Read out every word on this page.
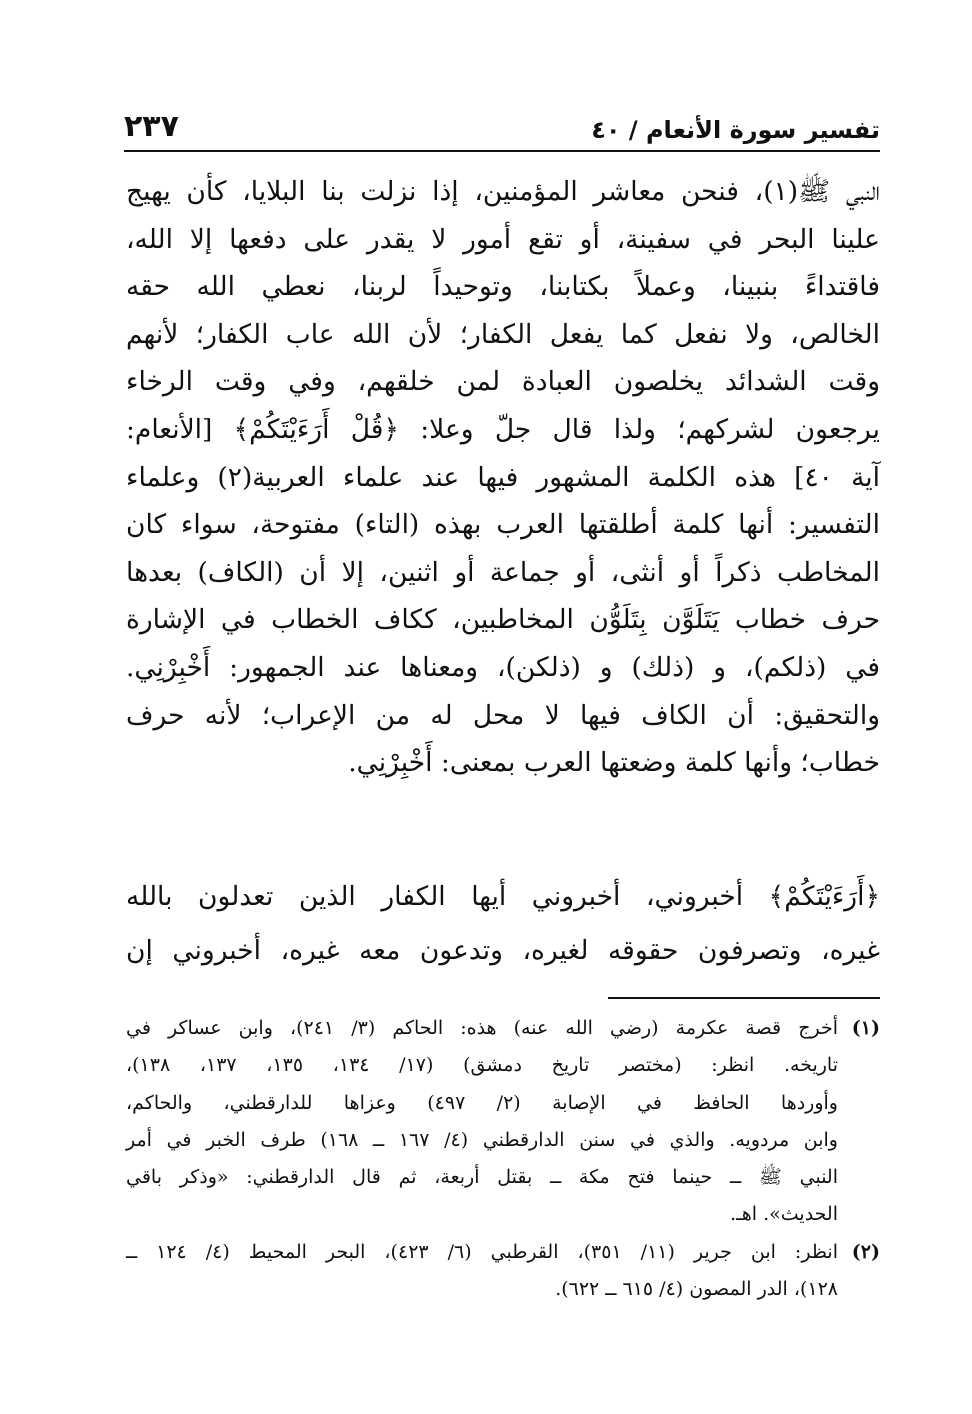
تفسير سورة الأنعام / ٤٠
٢٣٧
النبي ﷺ(١)، فنحن معاشر المؤمنين، إذا نزلت بنا البلايا، كأن يهيج
علينا البحر في سفينة، أو تقع أمور لا يقدر على دفعها إلا الله،
فاقتداءً بنبينا، وعملاً بكتابنا، وتوحيداً لربنا، نعطي الله حقه
الخالص، ولا نفعل كما يفعل الكفار؛ لأن الله عاب الكفار؛ لأنهم
وقت الشدائد يخلصون العبادة لمن خلقهم، وفي وقت الرخاء
يرجعون لشركهم؛ ولذا قال جلّ وعلا: ﴿قُلْ أَرَءَيْتَكُمْ﴾ [الأنعام:
آية ٤٠] هذه الكلمة المشهور فيها عند علماء العربية(٢) وعلماء
التفسير: أنها كلمة أطلقتها العرب بهذه (التاء) مفتوحة، سواء كان
المخاطب ذكراً أو أنثى، أو جماعة أو اثنين، إلا أن (الكاف) بعدها
حرف خطاب يَتَلَوَّن بِتَلَوُّن المخاطبين، ككاف الخطاب في الإشارة
في (ذلكم)، و (ذلك) و (ذلكن)، ومعناها عند الجمهور: أَخْبِرْنِي.
والتحقيق: أن الكاف فيها لا محل له من الإعراب؛ لأنه حرف
خطاب؛ وأنها كلمة وضعتها العرب بمعنى: أَخْبِرْنِي.
﴿أَرَءَيْتَكُمْ﴾ أخبروني، أخبروني أيها الكفار الذين تعدلون بالله
غيره، وتصرفون حقوقه لغيره، وتدعون معه غيره، أخبروني إن
(١)
أخرج قصة عكرمة (رضي الله عنه) هذه: الحاكم (٣/ ٢٤١)، وابن عساكر في
تاريخه. انظر: (مختصر تاريخ دمشق) (١٧/ ١٣٤، ١٣٥، ١٣٧، ١٣٨)،
وأوردها الحافظ في الإصابة (٢/ ٤٩٧) وعزاها للدارقطني، والحاكم،
وابن مردويه. والذي في سنن الدارقطني (٤/ ١٦٧ ــ ١٦٨) طرف الخبر في أمر
النبي ﷺ ــ حينما فتح مكة ــ بقتل أربعة، ثم قال الدارقطني: «وذكر باقي
الحديث». اهـ.
(٢)
انظر: ابن جرير (١١/ ٣٥١)، القرطبي (٦/ ٤٢٣)، البحر المحيط (٤/ ١٢٤ ــ
١٢٨)، الدر المصون (٤/ ٦١٥ ــ ٦٢٢).
